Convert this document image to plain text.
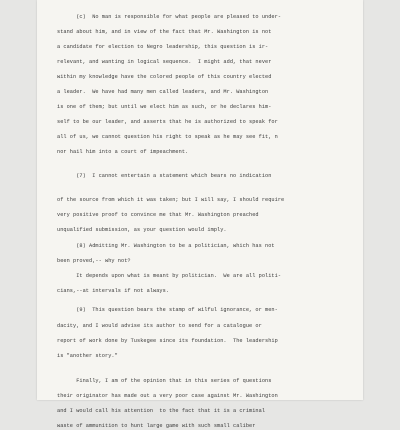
(c)  No man is responsible for what people are pleased to under-
stand about him, and in view of the fact that Mr. Washington is not
a candidate for election to Negro leadership, this question is ir-
relevant, and wanting in logical sequence.  I might add, that never
within my knowledge have the colored people of this country elected
a leader.  We have had many men called leaders, and Mr. Washington
is one of them; but until we elect him as such, or he declares him-
self to be our leader, and asserts that he is authorized to speak for
all of us, we cannot question his right to speak as he may see fit, n
nor hail him into a court of impeachment.
(7)  I cannot entertain a statement which bears no indication
of the source from which it was taken; but I will say, I should require
very positive proof to convince me that Mr. Washington preached
unqualified submission, as your question would imply.
(8) Admitting Mr. Washington to be a politician, which has not
been proved,-- why not?
It depends upon what is meant by politician.  We are all politi-
cians,--at intervals if not always.
(9)  This question bears the stamp of wilful ignorance, or men-
dacity, and I would advise its author to send for a catalogue or
report of work done by Tuskegee since its foundation.  The leadership
is "another story."
Finally, I am of the opinion that in this series of questions
their originator has made out a very poor case against Mr. Washington
and I would call his attention  to the fact that it is a criminal
waste of ammunition to hunt large game with such small caliber
